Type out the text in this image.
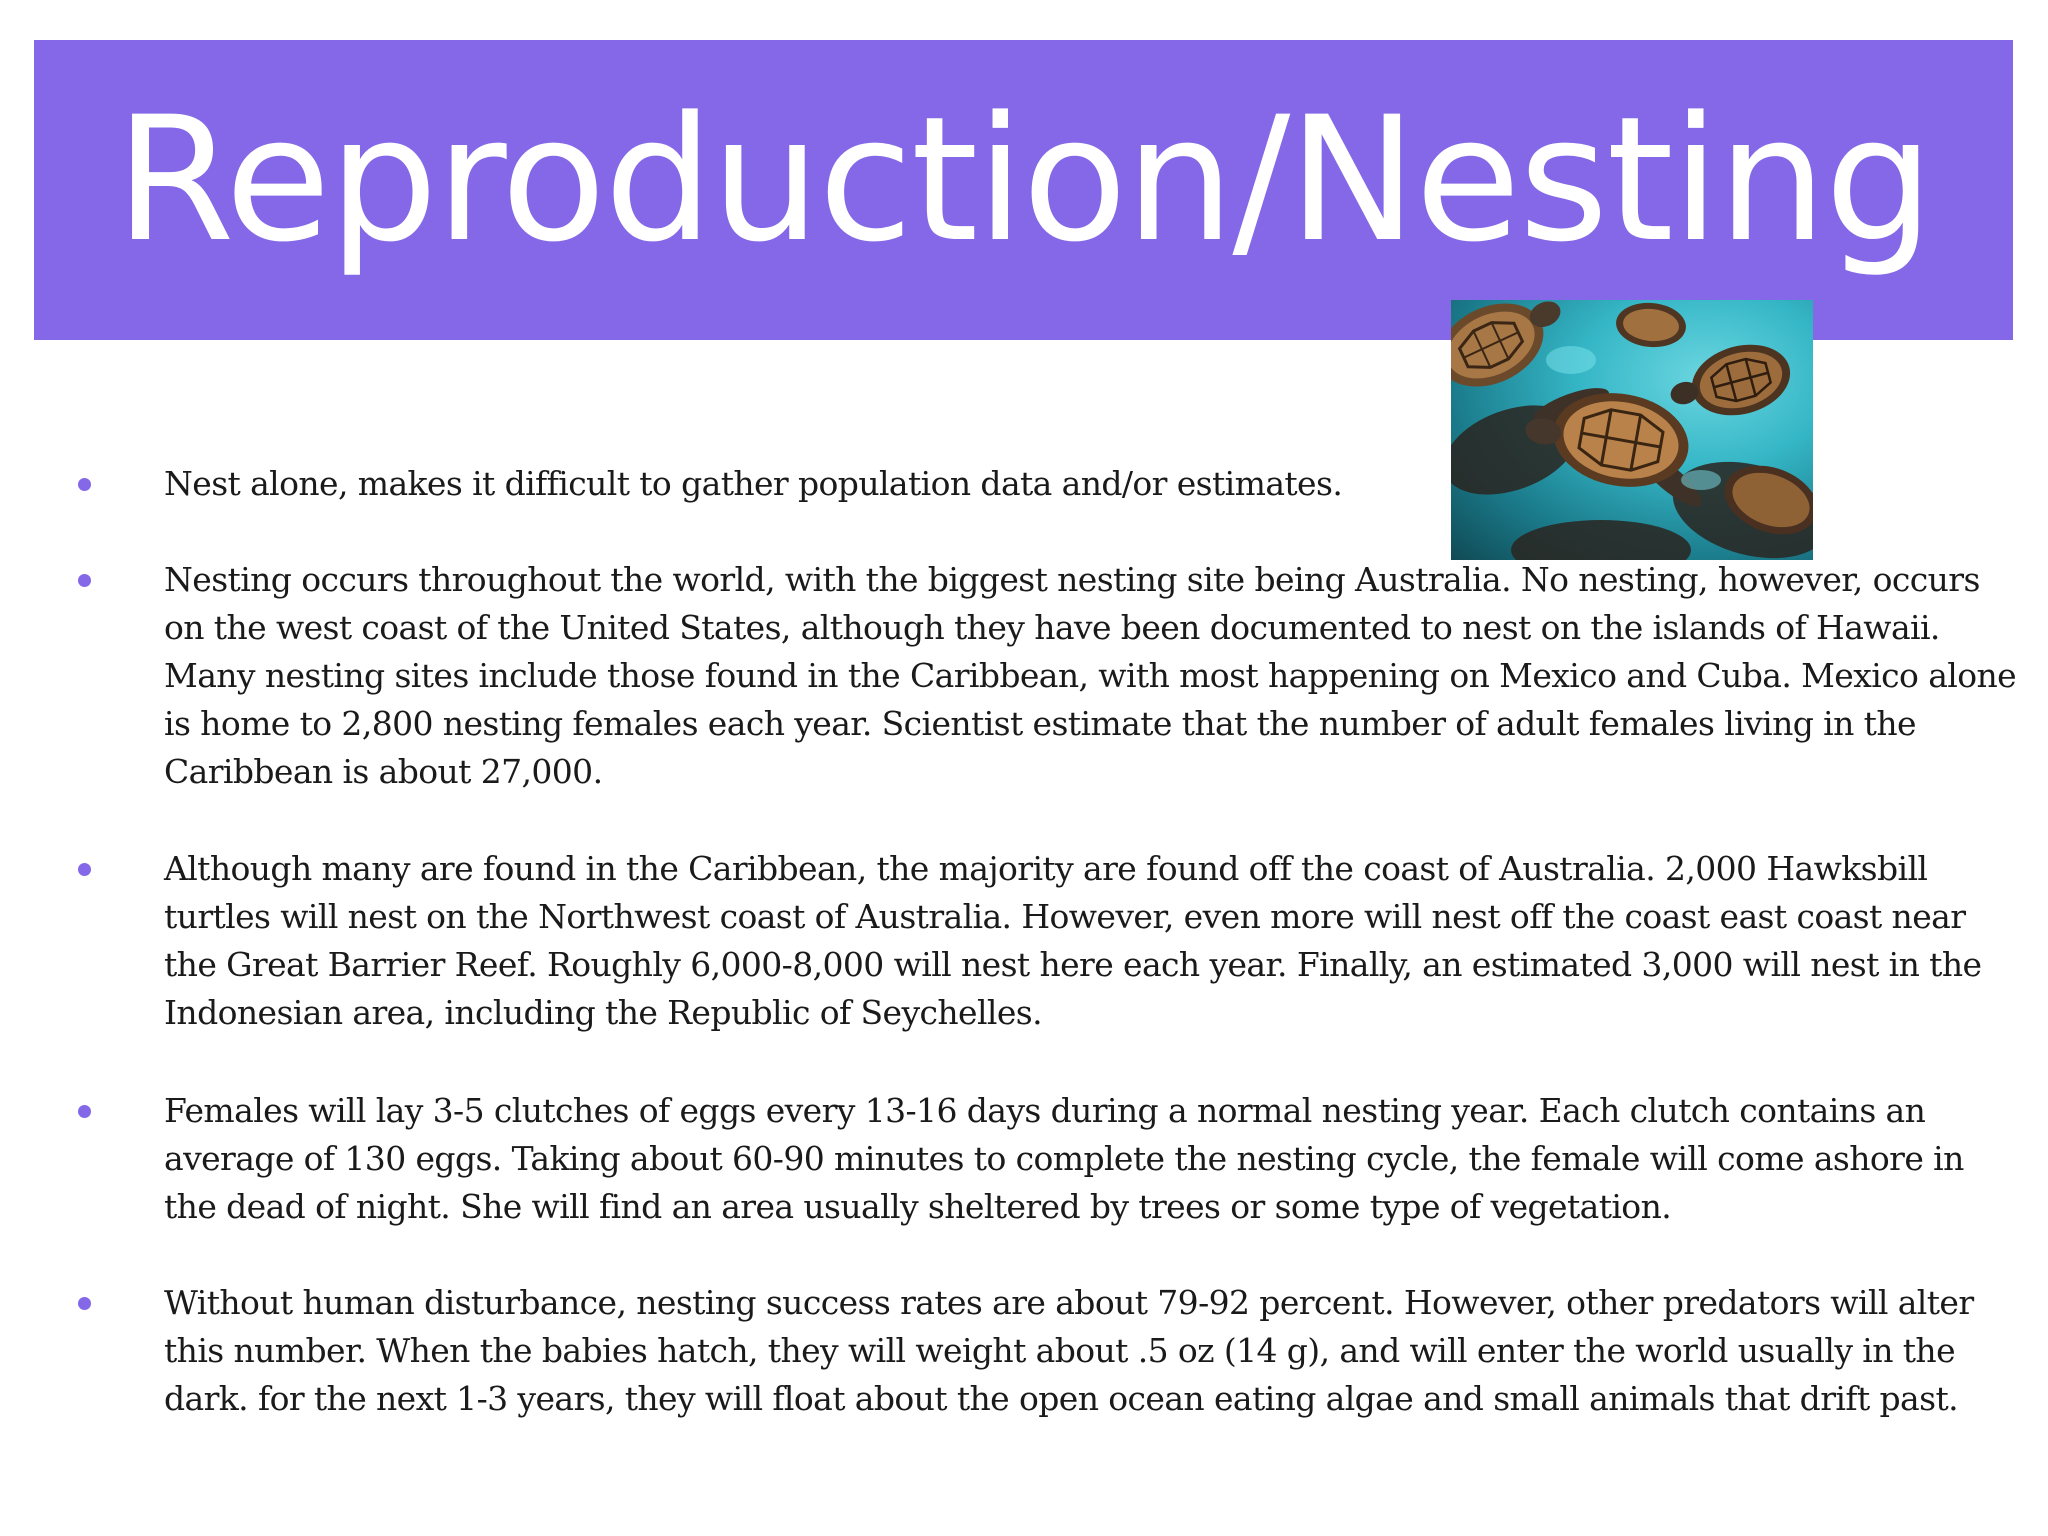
Reproduction/Nesting
Nest alone, makes it difficult to gather population data and/or estimates.
Nesting occurs throughout the world, with the biggest nesting site being Australia. No nesting, however, occurs on the west coast of the United States, although they have been documented to nest on the islands of Hawaii. Many nesting sites include those found in the Caribbean, with most happening on Mexico and Cuba. Mexico alone is home to 2,800 nesting females each year. Scientist estimate that the number of adult females living in the Caribbean is about 27,000.
Although many are found in the Caribbean, the majority are found off the coast of Australia. 2,000 Hawksbill turtles will nest on the Northwest coast of Australia. However, even more will nest off the coast east coast near the Great Barrier Reef. Roughly 6,000-8,000 will nest here each year. Finally, an estimated 3,000 will nest in the Indonesian area, including the Republic of Seychelles.
Females will lay 3-5 clutches of eggs every 13-16 days during a normal nesting year. Each clutch contains an average of 130 eggs. Taking about 60-90 minutes to complete the nesting cycle, the female will come ashore in the dead of night. She will find an area usually sheltered by trees or some type of vegetation.
Without human disturbance, nesting success rates are about 79-92 percent. However, other predators will alter this number. When the babies hatch, they will weight about .5 oz (14 g), and will enter the world usually in the dark. for the next 1-3 years, they will float about the open ocean eating algae and small animals that drift past.
